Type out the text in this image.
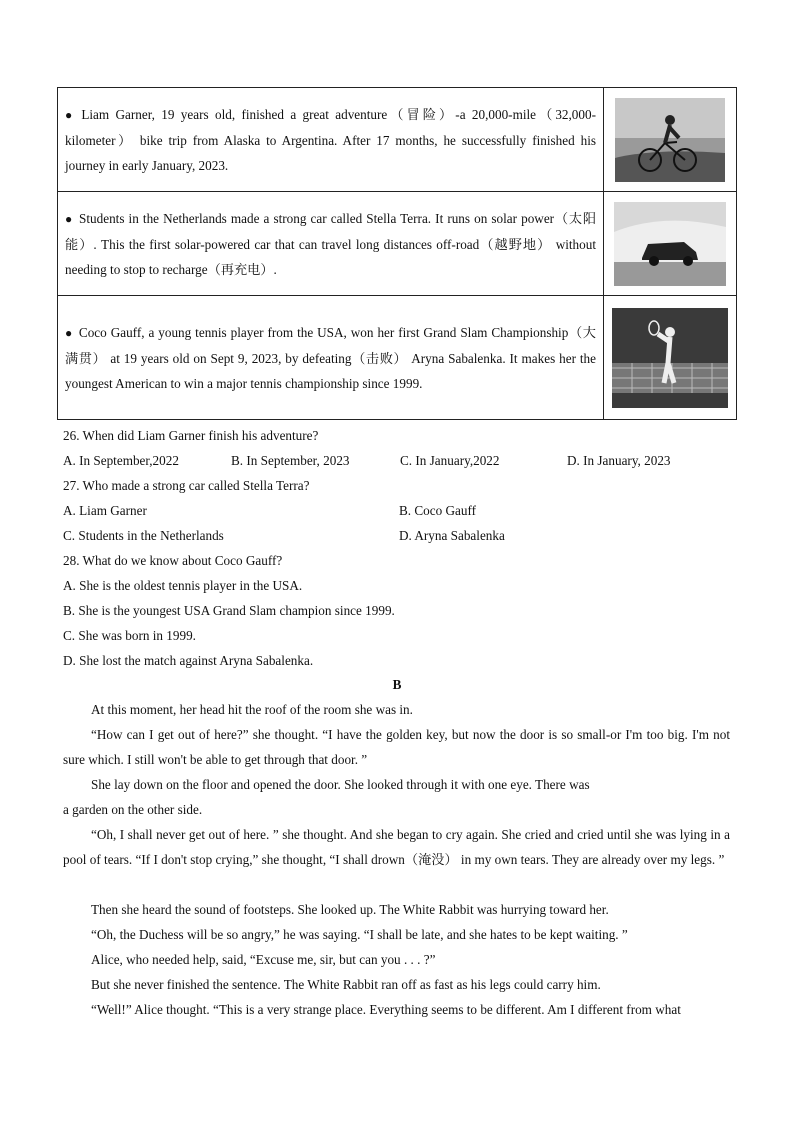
● Liam Garner, 19 years old, finished a great adventure（冒险）-a 20,000-mile（32,000-kilometer） bike trip from Alaska to Argentina. After 17 months, he successfully finished his journey in early January, 2023.	

● Students in the Netherlands made a strong car called Stella Terra. It runs on solar power（太阳能）. This the first solar-powered car that can travel long distances off-road（越野地） without needing to stop to recharge（再充电）.	

● Coco Gauff, a young tennis player from the USA, won her first Grand Slam Championship（大满贯） at 19 years old on Sept 9, 2023, by defeating（击败） Aryna Sabalenka. It makes her the youngest American to win a major tennis championship since 1999.	
26. When did Liam Garner finish his adventure?
A. In September,2022	B. In September, 2023	C. In January,2022	D. In January, 2023
27. Who made a strong car called Stella Terra?
A. Liam Garner	B. Coco Gauff
C. Students in the Netherlands	D. Aryna Sabalenka
28. What do we know about Coco Gauff?
A. She is the oldest tennis player in the USA.
B. She is the youngest USA Grand Slam champion since 1999.
C. She was born in 1999.
D. She lost the match against Aryna Sabalenka.
B
At this moment, her head hit the roof of the room she was in.
“How can I get out of here?” she thought. “I have the golden key, but now the door is so small-or I'm too big. I'm not sure which. I still won't be able to get through that door. ”
She lay down on the floor and opened the door. She looked through it with one eye. There was
a garden on the other side.
“Oh, I shall never get out of here. ” she thought. And she began to cry again. She cried and cried until she was lying in a pool of tears. “If I don't stop crying,” she thought, “I shall drown（淹没） in my own tears. They are already over my legs. ”
Then she heard the sound of footsteps. She looked up. The White Rabbit was hurrying toward her.
“Oh, the Duchess will be so angry,” he was saying. “I shall be late, and she hates to be kept waiting. ”
Alice, who needed help, said, “Excuse me, sir, but can you . . . ?”
But she never finished the sentence. The White Rabbit ran off as fast as his legs could carry him.
“Well!” Alice thought. “This is a very strange place. Everything seems to be different. Am I different from what
